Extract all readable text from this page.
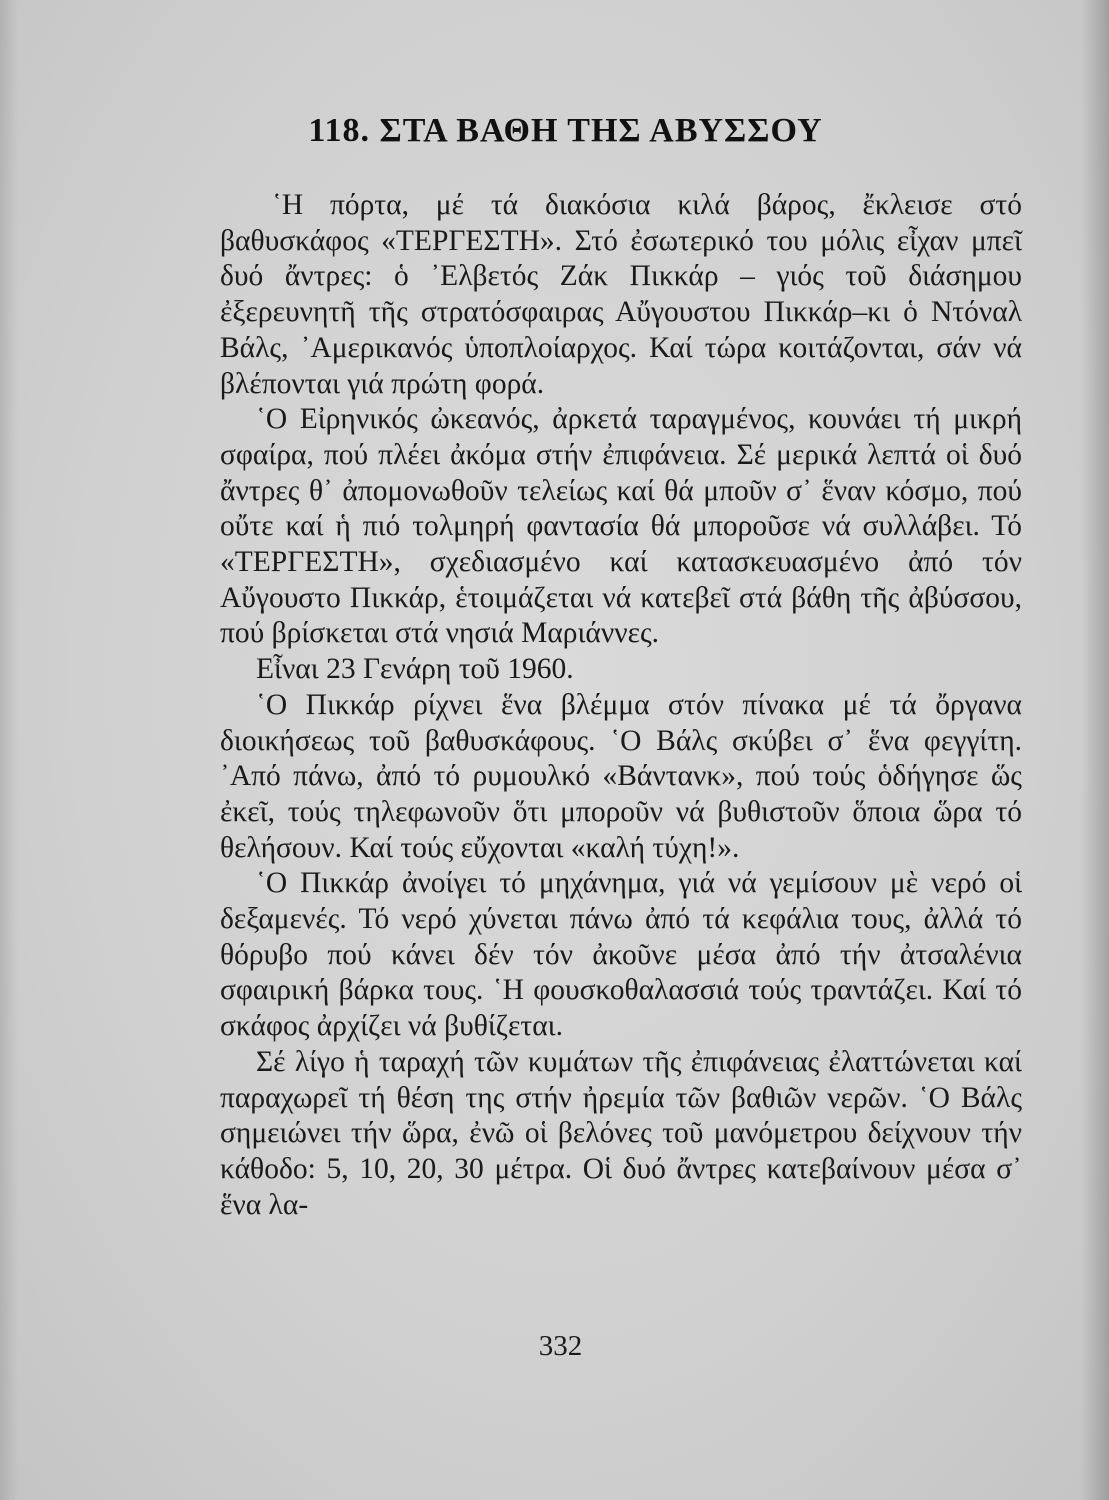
118. ΣΤΑ ΒΑΘΗ ΤΗΣ ΑΒΥΣΣΟΥ

῾Η πόρτα, μέ τά διακόσια κιλά βάρος, ἔκλεισε στό βαθυσκάφος «ΤΕΡΓΕΣΤΗ». Στό ἐσωτερικό του μόλις εἶχαν μπεῖ δυό ἄντρες: ὁ ᾿Ελβετός Ζάκ Πικκάρ – γιός τοῦ διάσημου ἐξερευνητῆ τῆς στρατόσφαιρας Αὔγουστου Πικκάρ–κι ὁ Ντόναλ Βάλς, ᾿Αμερικανός ὑποπλοίαρχος. Καί τώρα κοιτάζονται, σάν νά βλέπονται γιά πρώτη φορά.

῾Ο Εἰρηνικός ὠκεανός, ἀρκετά ταραγμένος, κουνάει τή μικρή σφαίρα, πού πλέει ἀκόμα στήν ἐπιφάνεια. Σέ μερικά λεπτά οἱ δυό ἄντρες θ᾿ ἀπομονωθοῦν τελείως καί θά μποῦν σ᾿ ἕναν κόσμο, πού οὔτε καί ἡ πιό τολμηρή φαντασία θά μποροῦσε νά συλλάβει. Τό «ΤΕΡΓΕΣΤΗ», σχεδιασμένο καί κατασκευασμένο ἀπό τόν Αὔγουστο Πικκάρ, ἑτοιμάζεται νά κατεβεῖ στά βάθη τῆς ἀβύσσου, πού βρίσκεται στά νησιά Μαριάννες.

Εἶναι 23 Γενάρη τοῦ 1960.

῾Ο Πικκάρ ρίχνει ἕνα βλέμμα στόν πίνακα μέ τά ὄργανα διοικήσεως τοῦ βαθυσκάφους. ῾Ο Βάλς σκύβει σ᾿ ἕνα φεγγίτη. ᾿Από πάνω, ἀπό τό ρυμουλκό «Βάντανκ», πού τούς ὁδήγησε ὥς ἐκεῖ, τούς τηλεφωνοῦν ὅτι μποροῦν νά βυθιστοῦν ὅποια ὥρα τό θελήσουν. Καί τούς εὔχονται «καλή τύχη!».

῾Ο Πικκάρ ἀνοίγει τό μηχάνημα, γιά νά γεμίσουν μὲ νερό οἱ δεξαμενές. Τό νερό χύνεται πάνω ἀπό τά κεφάλια τους, ἀλλά τό θόρυβο πού κάνει δέν τόν ἀκοῦνε μέσα ἀπό τήν ἀτσαλένια σφαιρική βάρκα τους. ῾Η φουσκοθαλασσιά τούς τραντάζει. Καί τό σκάφος ἀρχίζει νά βυθίζεται.

Σέ λίγο ἡ ταραχή τῶν κυμάτων τῆς ἐπιφάνειας ἐλαττώνεται καί παραχωρεῖ τή θέση της στήν ἠρεμία τῶν βαθιῶν νερῶν. ῾Ο Βάλς σημειώνει τήν ὥρα, ἐνῶ οἱ βελόνες τοῦ μανόμετρου δείχνουν τήν κάθοδο: 5, 10, 20, 30 μέτρα. Οἱ δυό ἄντρες κατεβαίνουν μέσα σ᾿ ἕνα λα-

332
